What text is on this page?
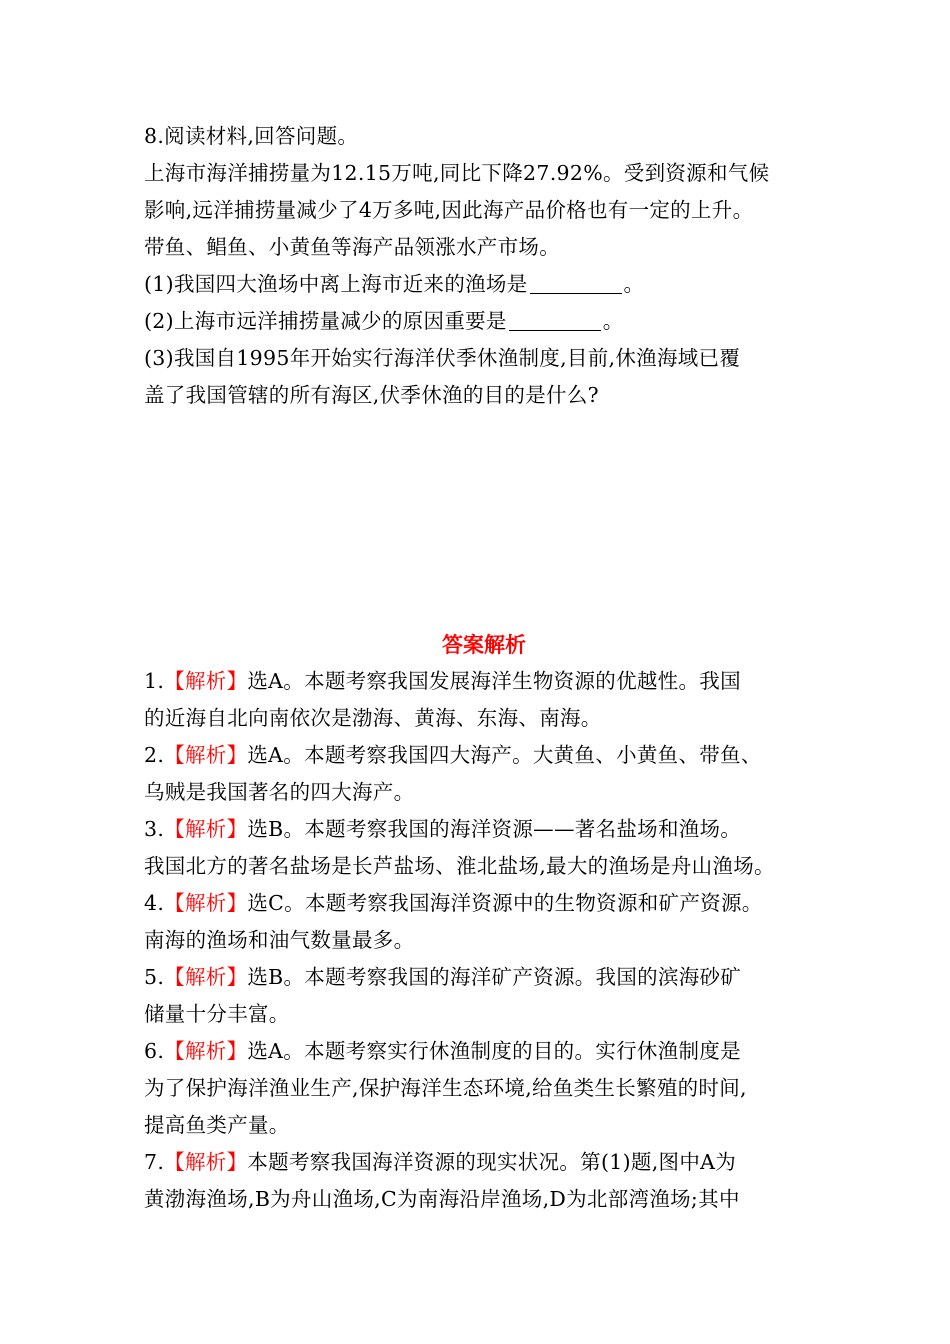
8.阅读材料,回答问题。
上海市海洋捕捞量为12.15万吨,同比下降27.92%。受到资源和气候
影响,远洋捕捞量减少了4万多吨,因此海产品价格也有一定的上升。
带鱼、鲳鱼、小黄鱼等海产品领涨水产市场。
(1)我国四大渔场中离上海市近来的渔场是	。
(2)上海市远洋捕捞量减少的原因重要是	。
(3)我国自1995年开始实行海洋伏季休渔制度,目前,休渔海域已覆
盖了我国管辖的所有海区,伏季休渔的目的是什么?
答案解析
1.【解析】选A。本题考察我国发展海洋生物资源的优越性。我国
的近海自北向南依次是渤海、黄海、东海、南海。
2.【解析】选A。本题考察我国四大海产。大黄鱼、小黄鱼、带鱼、
乌贼是我国著名的四大海产。
3.【解析】选B。本题考察我国的海洋资源——著名盐场和渔场。
我国北方的著名盐场是长芦盐场、淮北盐场,最大的渔场是舟山渔场。
4.【解析】选C。本题考察我国海洋资源中的生物资源和矿产资源。
南海的渔场和油气数量最多。
5.【解析】选B。本题考察我国的海洋矿产资源。我国的滨海砂矿
储量十分丰富。
6.【解析】选A。本题考察实行休渔制度的目的。实行休渔制度是
为了保护海洋渔业生产,保护海洋生态环境,给鱼类生长繁殖的时间,
提高鱼类产量。
7.【解析】本题考察我国海洋资源的现实状况。第(1)题,图中A为
黄渤海渔场,B为舟山渔场,C为南海沿岸渔场,D为北部湾渔场;其中
